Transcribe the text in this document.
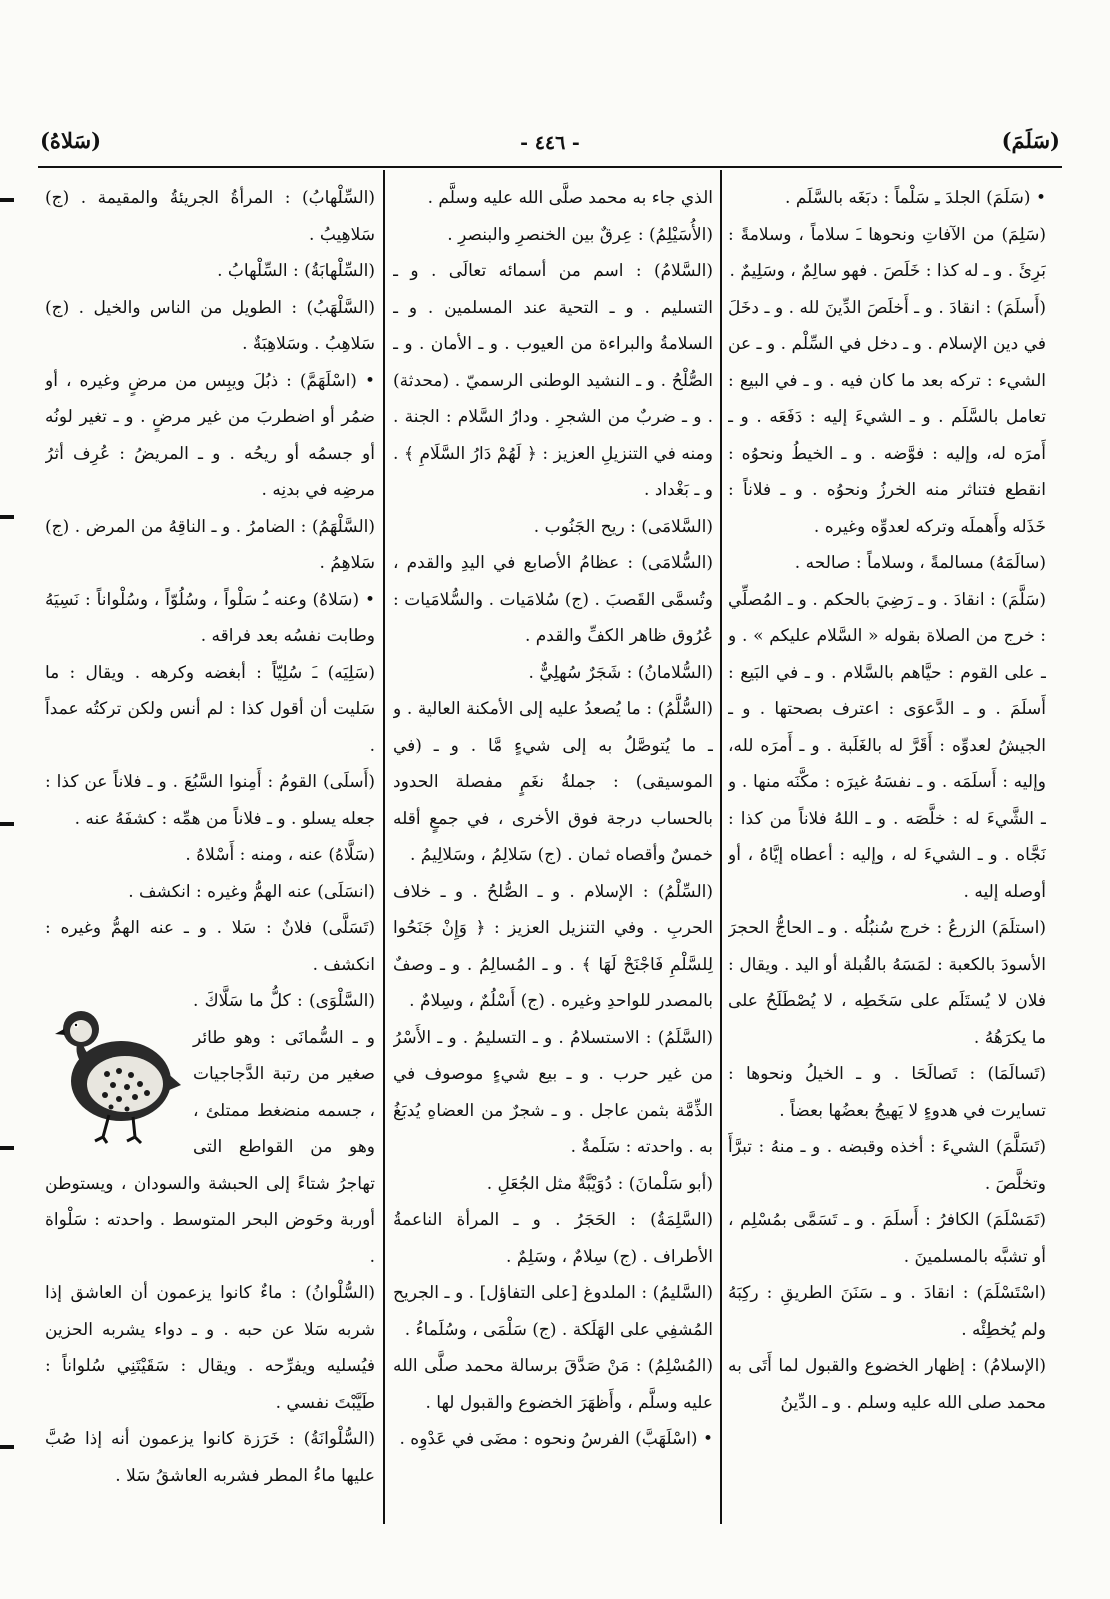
(سَلَمَ)
- ٤٤٦ -
(سَلاهُ)

• (سَلَمَ) الجلدَ ـِ سَلْماً : دبَغَه بالسَّلَم .

(سَلِمَ) من الآفاتِ ونحوها ـَ سلاماً ، وسلامةً : بَرِئَ . و ـ له كذا : خَلَصَ . فهو سالِمٌ ، وسَلِيمٌ .

(أَسلَمَ) : انقادَ . و ـ أَخلَصَ الدِّينَ لله . و ـ دخَلَ في دين الإسلام . و ـ دخل في السِّلْم . و ـ عن الشيء : تركه بعد ما كان فيه . و ـ في البيع : تعامل بالسَّلَم . و ـ الشيءَ إليه : دَفَعَه . و ـ أَمرَه له، وإليه : فوَّضه . و ـ الخيطُ ونحوُه : انقطع فتناثر منه الخرزُ ونحوُه . و ـ فلاناً : خَذَله وأَهملَه وتركه لعدوِّه وغيره .

(سالَمَهُ) مسالمةً ، وسلاماً : صالحه .

(سَلَّمَ) : انقادَ . و ـ رَضِيَ بالحكم . و ـ المُصلِّي : خرج من الصلاة بقوله « السَّلام عليكم » . و ـ على القوم : حيَّاهم بالسَّلام . و ـ في البَيع : أَسلَمَ . و ـ الدَّعوَى : اعترف بصحتها . و ـ الجيشُ لعدوِّه : أَقَرَّ له بالغَلَبة . و ـ أَمرَه لله، وإليه : أَسلَمَه . و ـ نفسَهُ غيرَه : مكَّنَه منها . و ـ الشَّيءَ له : خلَّصَه . و ـ اللهُ فلاناً من كذا : نَجَّاه . و ـ الشيءَ له ، وإليه : أعطاه إيَّاهُ ، أو أوصله إليه .

(استلَمَ) الزرعُ : خرج سُنبُلُه . و ـ الحاجُّ الحجرَ الأسودَ بالكعبة : لمَسَهُ بالقُبلة أو اليد . ويقال : فلان لا يُستَلَم على سَخَطِه ، لا يُصْطَلَحُ على ما يكرَهُهُ .

(تَسالَمَا) : تَصالَحَا . و ـ الخيلُ ونحوها : تسايرت في هدوءٍ لا يَهيجُ بعضُها بعضاً .

(تَسَلَّمَ) الشيءَ : أخذه وقبضه . و ـ منهُ : تبرَّأَ وتخلَّصَ .

(تَمَسْلَمَ) الكافرُ : أَسلَمَ . و ـ تَسَمَّى بمُسْلِم ، أو تشبَّه بالمسلمينَ .

(اسْتَسْلَمَ) : انقادَ . و ـ سَنَنَ الطريقِ : ركِبَهُ ولم يُخطِئْه .

(الإسلامُ) : إظهار الخضوع والقبول لما أَتَى به محمد صلى الله عليه وسلم . و ـ الدِّينُ

الذي جاء به محمد صلَّى الله عليه وسلَّم .

(الأُسَيْلِمُ) : عِرقٌ بين الخنصرِ والبنصرِ .

(السَّلامُ) : اسم من أسمائه تعالَى . و ـ التسليم . و ـ التحية عند المسلمين . و ـ السلامةُ والبراءة من العيوب . و ـ الأمان . و ـ الصُّلْحُ . و ـ النشيد الوطنى الرسميّ . (محدثة) . و ـ ضربٌ من الشجرِ . ودارُ السَّلام : الجنة . ومنه في التنزيلِ العزيز : ﴿ لَهُمْ دَارُ السَّلَامِ ﴾ . و ـ بَغْداد .

(السَّلامَى) : ريح الجَنُوب .

(السُّلامَى) : عظامُ الأصابع في اليدِ والقدم ، وتُسمَّى القَصبَ . (ج) سُلامَيات . والسُّلامَيات : عُرُوق ظاهر الكفِّ والقدم .

(السُّلامانُ) : شَجَرٌ سُهلِيٌّ .

(السُّلَّمُ) : ما يُصعدُ عليه إلى الأمكنة العالية . و ـ ما يُتوصَّلُ به إلى شيءٍ مَّا . و ـ (في الموسيقى) : جملةُ نغَمٍ مفصلة الحدود بالحساب درجة فوق الأخرى ، في جمعٍ أقله خمسٌ وأقصاه ثمان . (ج) سَلالِمُ ، وسَلالِيمُ .

(السِّلْمُ) : الإسلام . و ـ الصُّلحُ . و ـ خلاف الحربِ . وفي التنزيل العزيز : ﴿ وَإِنْ جَنَحُوا لِلسَّلْمِ فَاجْنَحْ لَهَا ﴾ . و ـ المُسالِمُ . و ـ وصفٌ بالمصدر للواحدِ وغيره . (ج) أَسْلُمٌ ، وسِلامٌ .

(السَّلَمُ) : الاستسلامُ . و ـ التسليمُ . و ـ الأَسْرُ من غير حرب . و ـ بيع شيءٍ موصوف في الذِّمَّة بثمن عاجل . و ـ شجرٌ من العضاهِ يُدبَغُ به . واحدته : سَلَمةٌ .

(أبو سَلْمانَ) : دُوَيْبَّةٌ مثل الجُعَلِ .

(السَّلِمَةُ) : الحَجَرُ . و ـ المرأة الناعمةُ الأطراف . (ج) سِلامٌ ، وسَلِمٌ .

(السَّليمُ) : الملدوغ [على التفاؤل] . و ـ الجريح المُشفِي على الهَلَكة . (ج) سَلْمَى ، وسُلَماءُ .

(المُسْلِمُ) : مَنْ صَدَّقَ برسالة محمد صلَّى الله عليه وسلَّم ، وأَظهَرَ الخضوع والقبول لها .

• (اسْلَهَبَّ) الفرسُ ونحوه : مضَى في عَدْوِه .

(السِّلْهابُ) : المرأةُ الجريئةُ والمقيمة . (ج) سَلاهِيبُ .

(السِّلْهابَةُ) : السِّلْهابُ .

(السَّلْهَبُ) : الطويل من الناس والخيل . (ج) سَلاهِبُ . وسَلاهِبَةٌ .

• (اسْلَهَمَّ) : ذبُلَ ويبِس من مرضٍ وغيره ، أو ضمُر أو اضطربَ من غير مرضٍ . و ـ تغير لونُه أو جسمُه أو ريحُه . و ـ المريضُ : عُرِف أثرُ مرضِه في بدنِه .

(السَّلْهَمُ) : الضامرُ . و ـ الناقِهُ من المرض . (ج) سَلاهِمُ .

• (سَلاهُ) وعنه ـُ سَلْواً ، وسُلُوّاً ، وسُلْواناً : نَسِيَهُ وطابت نفسُه بعد فراقه .

(سَلِيَه) ـَ سُلِيّاً : أبغضه وكرهه . ويقال : ما سَليت أن أقول كذا : لم أنس ولكن تركتُه عمداً .

(أَسلَى) القومُ : أَمِنوا السَّبُعَ . و ـ فلاناً عن كذا : جعله يسلو . و ـ فلاناً من همِّه : كشفَهُ عنه .

(سَلَّاهُ) عنه ، ومنه : أَسْلاهُ .

(انسَلَى) عنه الهمُّ وغيره : انكشف .

(تَسَلَّى) فلانٌ : سَلا . و ـ عنه الهمُّ وغيره : انكشف .

(السَّلْوَى) : كلُّ ما سَلَّاكَ . و ـ السُّمانَى : وهو طائر صغير من رتبة الدَّجاجيات ، جسمه منضغط ممتلئ ، وهو من القواطع التى تهاجرُ شتاءً إلى الحبشة والسودان ، ويستوطن أوربة وحَوض البحر المتوسط . واحدته : سَلْواة .

(السُّلْوانُ) : ماءٌ كانوا يزعمون أن العاشق إذا شربه سَلا عن حبه . و ـ دواء يشربه الحزين فيُسليه ويفرِّحه . ويقال : سَقَيْتَنِي سُلواناً : طَيَّبْتَ نفسي .

(السُّلْوانَةُ) : خَرَزة كانوا يزعمون أنه إذا صُبَّ عليها ماءُ المطر فشربه العاشقُ سَلا .
